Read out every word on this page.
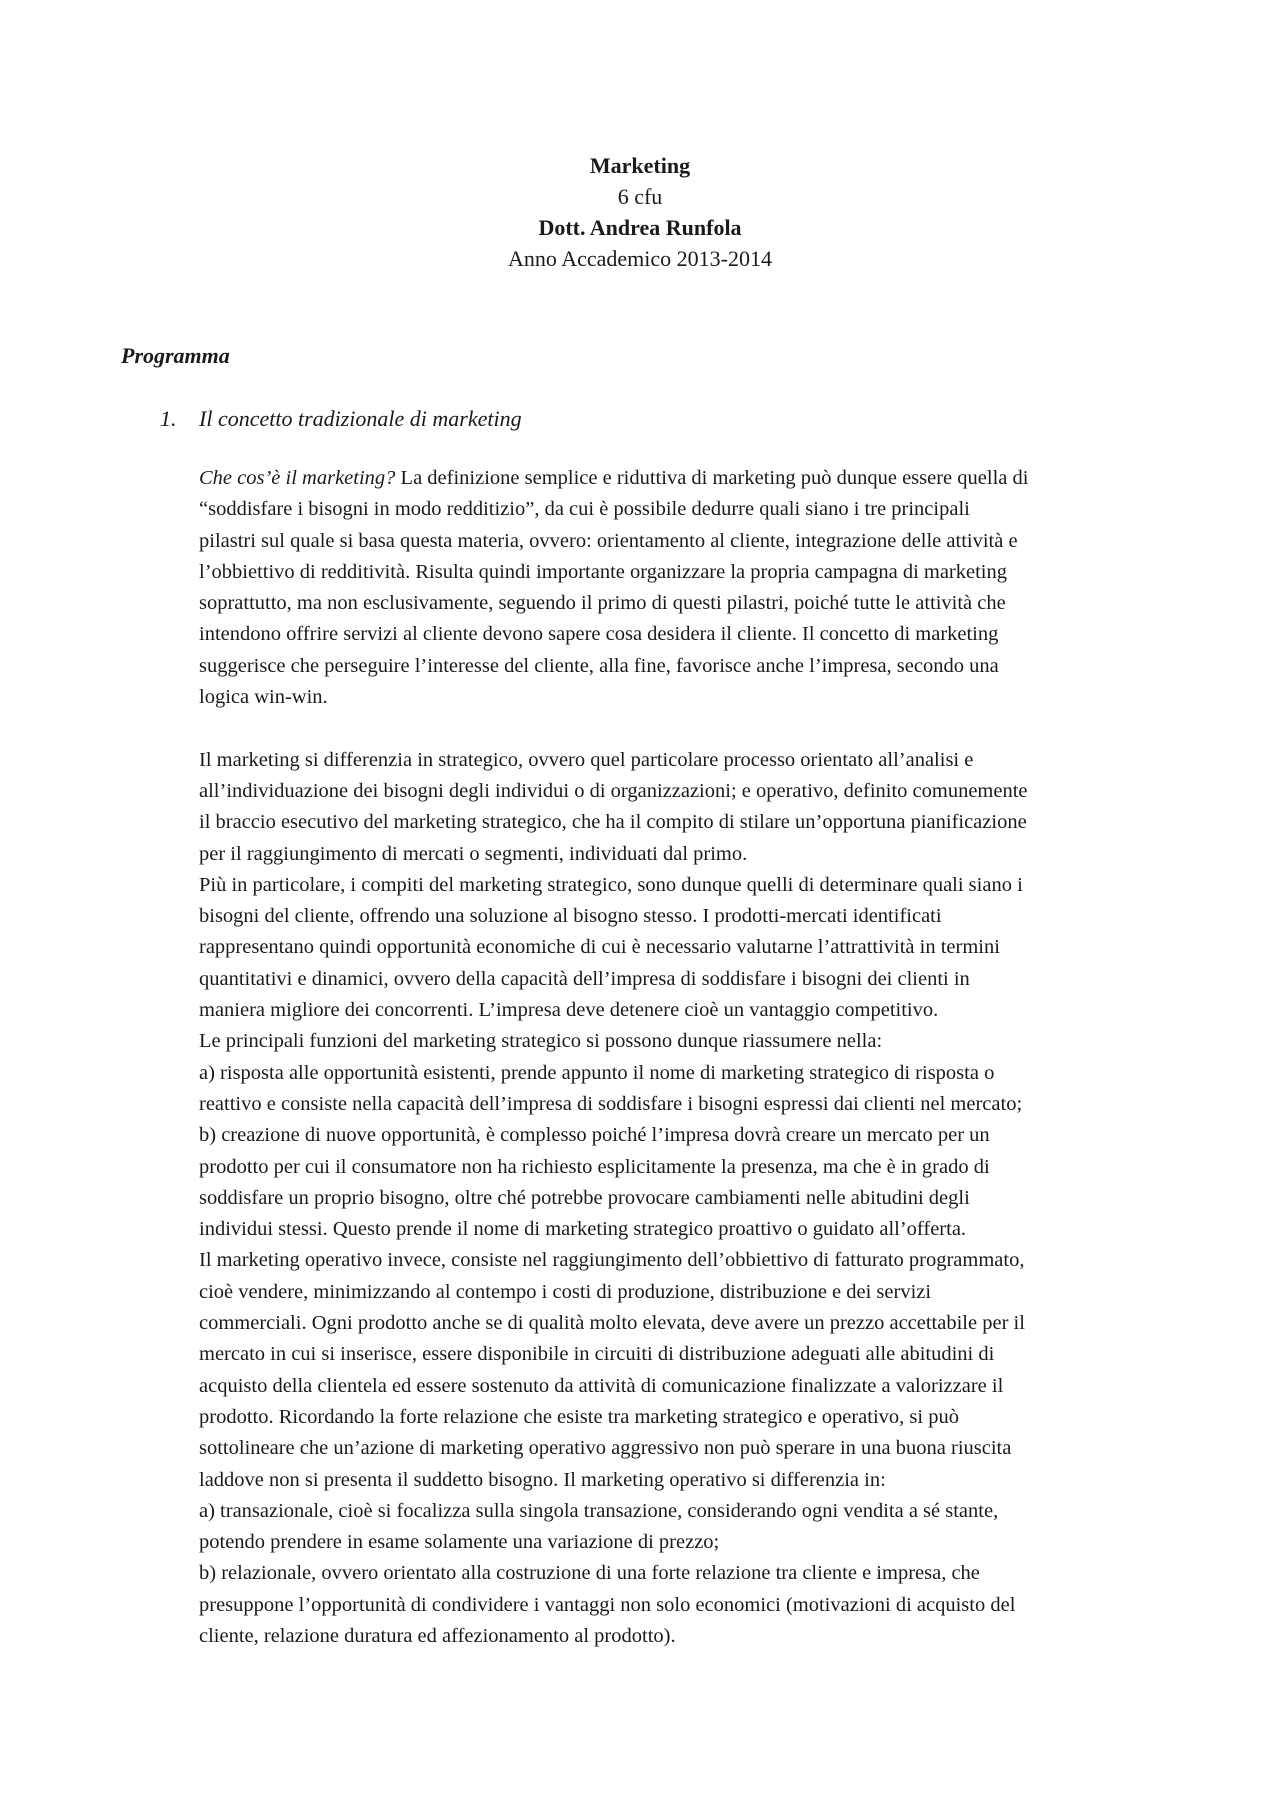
Marketing
6 cfu
Dott. Andrea Runfola
Anno Accademico 2013-2014
Programma
1. Il concetto tradizionale di marketing

Che cos’è il marketing? La definizione semplice e riduttiva di marketing può dunque essere quella di

“soddisfare i bisogni in modo redditizio”, da cui è possibile dedurre quali siano i tre principali

pilastri sul quale si basa questa materia, ovvero: orientamento al cliente, integrazione delle attività e

l’obbiettivo di redditività. Risulta quindi importante organizzare la propria campagna di marketing

soprattutto, ma non esclusivamente, seguendo il primo di questi pilastri, poiché tutte le attività che

intendono offrire servizi al cliente devono sapere cosa desidera il cliente. Il concetto di marketing

suggerisce che perseguire l’interesse del cliente, alla fine, favorisce anche l’impresa, secondo una

logica win-win.

Il marketing si differenzia in strategico, ovvero quel particolare processo orientato all’analisi e

all’individuazione dei bisogni degli individui o di organizzazioni; e operativo, definito comunemente

il braccio esecutivo del marketing strategico, che ha il compito di stilare un’opportuna pianificazione

per il raggiungimento di mercati o segmenti, individuati dal primo.

Più in particolare, i compiti del marketing strategico, sono dunque quelli di determinare quali siano i

bisogni del cliente, offrendo una soluzione al bisogno stesso. I prodotti-mercati identificati

rappresentano quindi opportunità economiche di cui è necessario valutarne l’attrattività in termini

quantitativi e dinamici, ovvero della capacità dell’impresa di soddisfare i bisogni dei clienti in

maniera migliore dei concorrenti. L’impresa deve detenere cioè un vantaggio competitivo.

Le principali funzioni del marketing strategico si possono dunque riassumere nella:

a) risposta alle opportunità esistenti, prende appunto il nome di marketing strategico di risposta o

reattivo e consiste nella capacità dell’impresa di soddisfare i bisogni espressi dai clienti nel mercato;

b) creazione di nuove opportunità, è complesso poiché l’impresa dovrà creare un mercato per un

prodotto per cui il consumatore non ha richiesto esplicitamente la presenza, ma che è in grado di

soddisfare un proprio bisogno, oltre ché potrebbe provocare cambiamenti nelle abitudini degli

individui stessi. Questo prende il nome di marketing strategico proattivo o guidato all’offerta.

Il marketing operativo invece, consiste nel raggiungimento dell’obbiettivo di fatturato programmato,

cioè vendere, minimizzando al contempo i costi di produzione, distribuzione e dei servizi

commerciali. Ogni prodotto anche se di qualità molto elevata, deve avere un prezzo accettabile per il

mercato in cui si inserisce, essere disponibile in circuiti di distribuzione adeguati alle abitudini di

acquisto della clientela ed essere sostenuto da attività di comunicazione finalizzate a valorizzare il

prodotto. Ricordando la forte relazione che esiste tra marketing strategico e operativo, si può

sottolineare che un’azione di marketing operativo aggressivo non può sperare in una buona riuscita

laddove non si presenta il suddetto bisogno. Il marketing operativo si differenzia in:

a) transazionale, cioè si focalizza sulla singola transazione, considerando ogni vendita a sé stante,

potendo prendere in esame solamente una variazione di prezzo;

b) relazionale, ovvero orientato alla costruzione di una forte relazione tra cliente e impresa, che

presuppone l’opportunità di condividere i vantaggi non solo economici (motivazioni di acquisto del

cliente, relazione duratura ed affezionamento al prodotto).
